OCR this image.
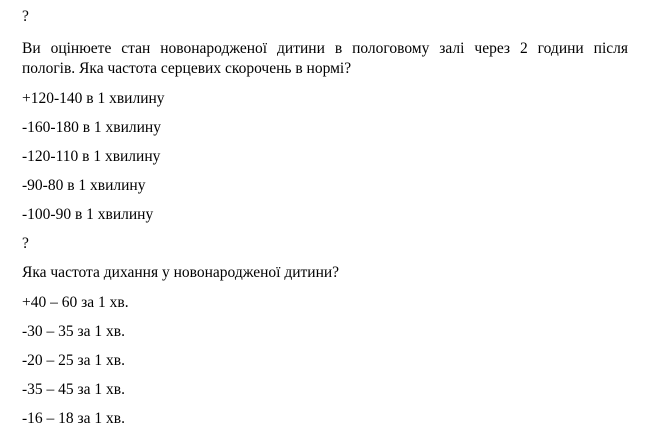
?
Ви оцінюете стан новонародженої дитини в пологовому залі через 2 години після
пологів. Яка частота серцевих скорочень в нормі?
+120-140 в 1 хвилину
-160-180 в 1 хвилину
-120-110 в 1 хвилину
-90-80 в 1 хвилину
-100-90 в 1 хвилину
?
Яка частота дихання у новонародженої дитини?
+40 – 60 за 1 хв.
-30 – 35 за 1 хв.
-20 – 25 за 1 хв.
-35 – 45 за 1 хв.
-16 – 18 за 1 хв.
